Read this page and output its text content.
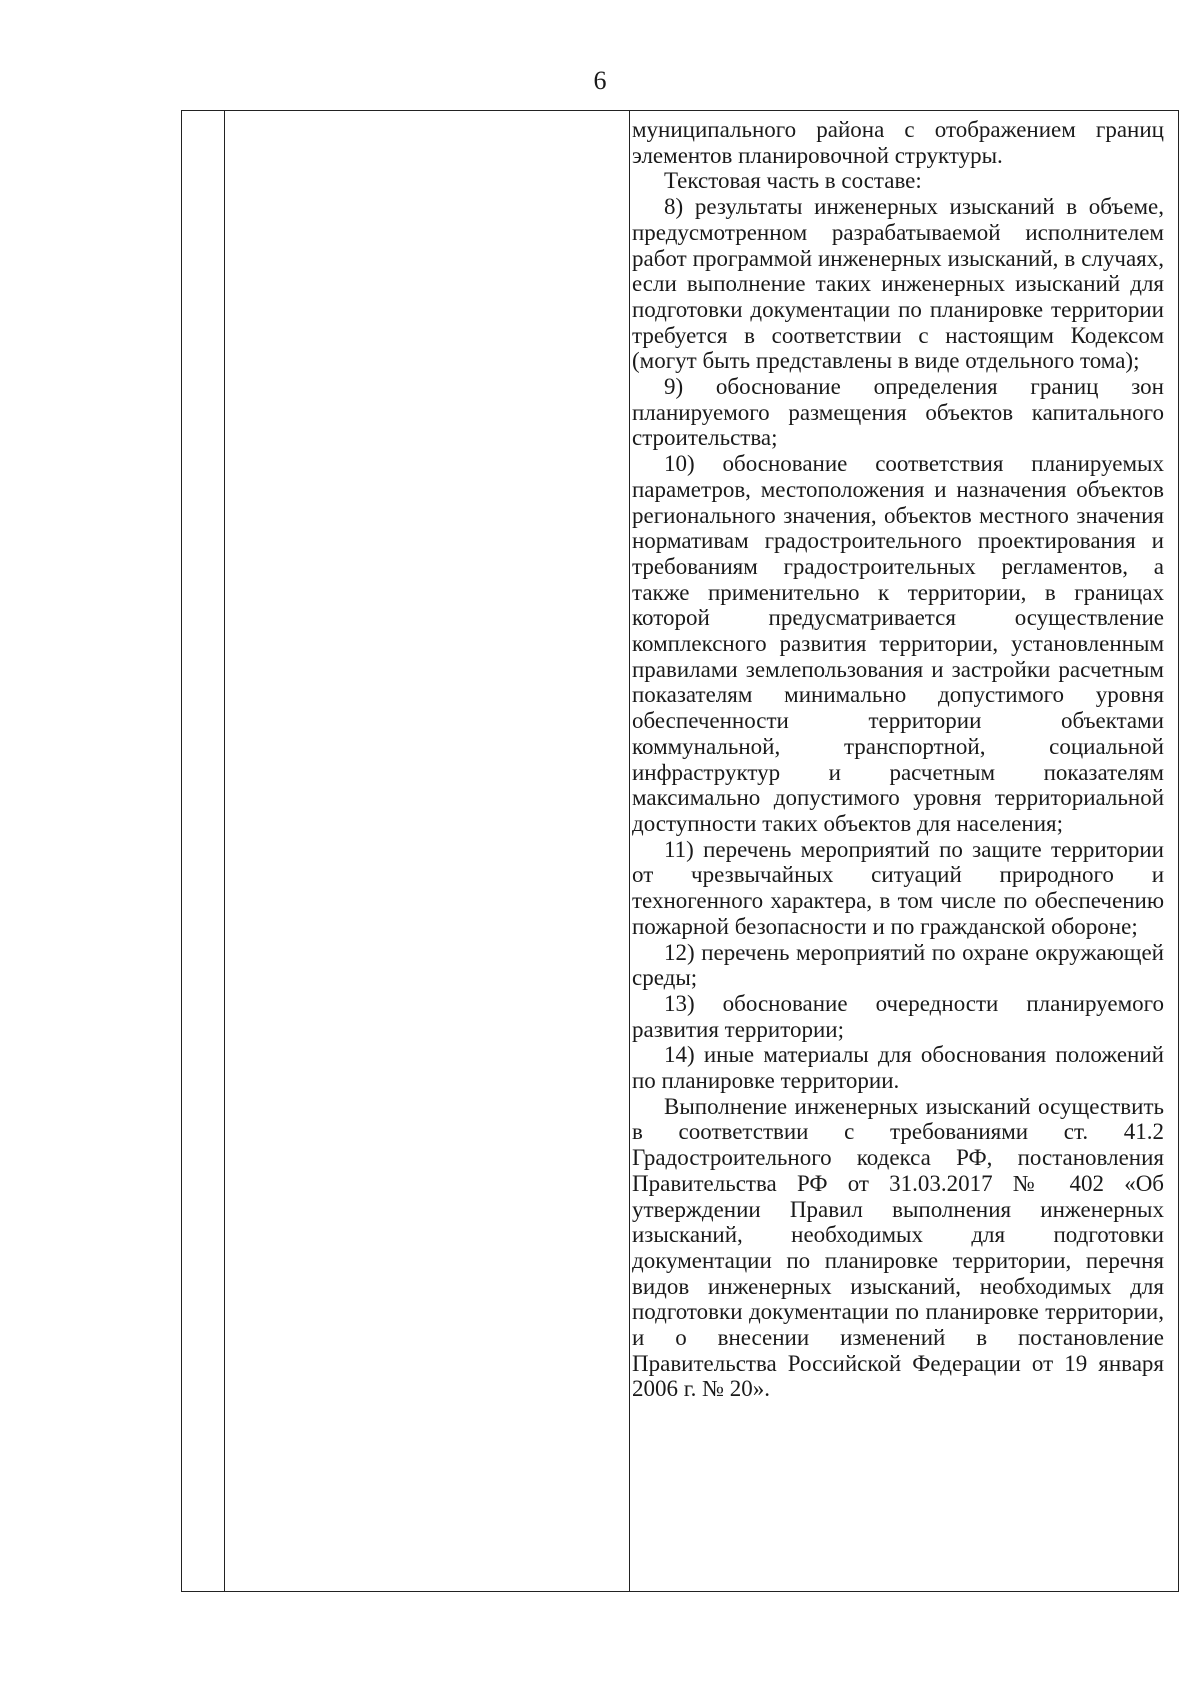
6

муниципального района с отображением границ элементов планировочной структуры.

Текстовая часть в составе:

8) результаты инженерных изысканий в объеме, предусмотренном разрабатываемой исполнителем работ программой инженерных изысканий, в случаях, если выполнение таких инженерных изысканий для подготовки документации по планировке территории требуется в соответствии с настоящим Кодексом (могут быть представлены в виде отдельного тома);

9) обоснование определения границ зон планируемого размещения объектов капитального строительства;

10) обоснование соответствия планируемых параметров, местоположения и назначения объектов регионального значения, объектов местного значения нормативам градостроительного проектирования и требованиям градостроительных регламентов, а также применительно к территории, в границах которой предусматривается осуществление комплексного развития территории, установленным правилами землепользования и застройки расчетным показателям минимально допустимого уровня обеспеченности территории объектами коммунальной, транспортной, социальной инфраструктур и расчетным показателям максимально допустимого уровня территориальной доступности таких объектов для населения;

11) перечень мероприятий по защите территории от чрезвычайных ситуаций природного и техногенного характера, в том числе по обеспечению пожарной безопасности и по гражданской обороне;

12) перечень мероприятий по охране окружающей среды;

13) обоснование очередности планируемого развития территории;

14) иные материалы для обоснования положений по планировке территории.

Выполнение инженерных изысканий осуществить в соответствии с требованиями ст. 41.2 Градостроительного кодекса РФ, постановления Правительства РФ от 31.03.2017 № 402 «Об утверждении Правил выполнения инженерных изысканий, необходимых для подготовки документации по планировке территории, перечня видов инженерных изысканий, необходимых для подготовки документации по планировке территории, и о внесении изменений в постановление Правительства Российской Федерации от 19 января 2006 г. № 20».
